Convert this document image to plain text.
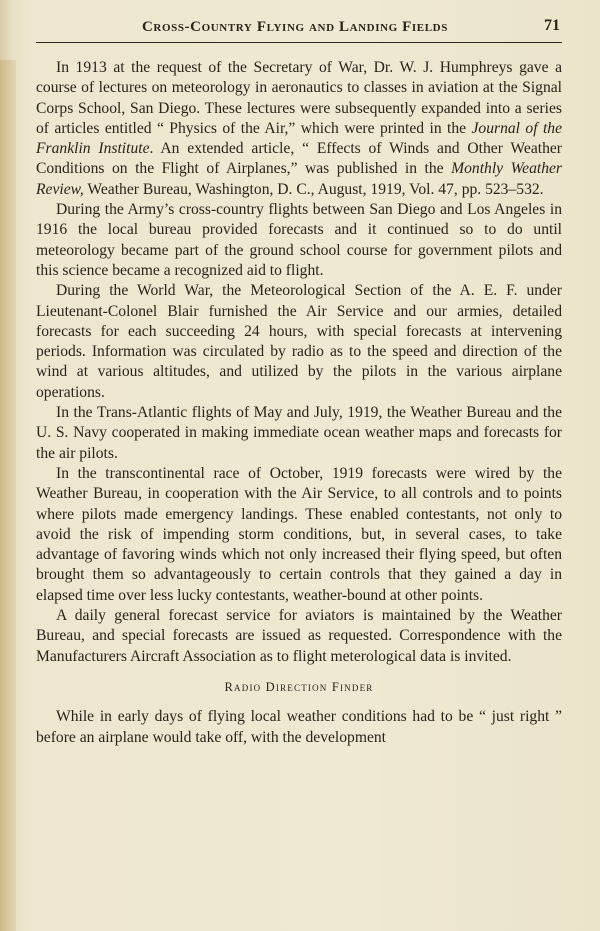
Cross-Country Flying and Landing Fields	71

In 1913 at the request of the Secretary of War, Dr. W. J. Humphreys gave a course of lectures on meteorology in aeronautics to classes in aviation at the Signal Corps School, San Diego. These lectures were subsequently expanded into a series of articles entitled “ Physics of the Air,” which were printed in the Journal of the Franklin Institute. An extended article, “ Effects of Winds and Other Weather Conditions on the Flight of Airplanes,” was published in the Monthly Weather Review, Weather Bureau, Washington, D. C., August, 1919, Vol. 47, pp. 523–532.

During the Army’s cross-country flights between San Diego and Los Angeles in 1916 the local bureau provided forecasts and it continued so to do until meteorology became part of the ground school course for government pilots and this science became a recognized aid to flight.

During the World War, the Meteorological Section of the A. E. F. under Lieutenant-Colonel Blair furnished the Air Service and our armies, detailed forecasts for each succeeding 24 hours, with special forecasts at intervening periods. Information was circulated by radio as to the speed and direction of the wind at various altitudes, and utilized by the pilots in the various airplane operations.

In the Trans-Atlantic flights of May and July, 1919, the Weather Bureau and the U. S. Navy cooperated in making immediate ocean weather maps and forecasts for the air pilots.

In the transcontinental race of October, 1919 forecasts were wired by the Weather Bureau, in cooperation with the Air Service, to all controls and to points where pilots made emergency landings. These enabled contestants, not only to avoid the risk of impending storm conditions, but, in several cases, to take advantage of favoring winds which not only increased their flying speed, but often brought them so advantageously to certain controls that they gained a day in elapsed time over less lucky contestants, weather-bound at other points.

A daily general forecast service for aviators is maintained by the Weather Bureau, and special forecasts are issued as requested. Correspondence with the Manufacturers Aircraft Association as to flight meterological data is invited.

Radio Direction Finder

While in early days of flying local weather conditions had to be “ just right ” before an airplane would take off, with the development
